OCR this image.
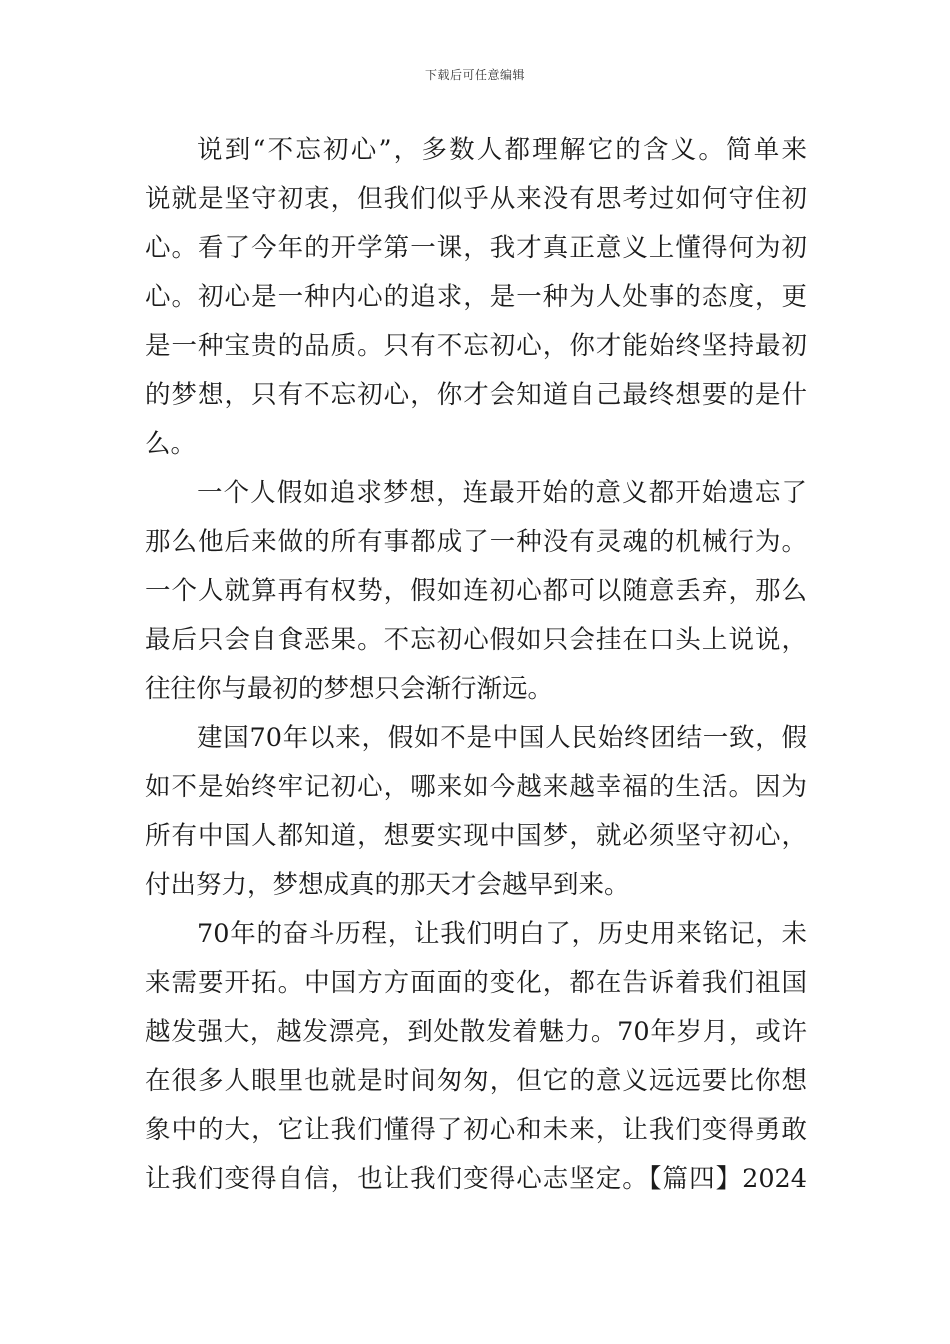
下载后可任意编辑
说到“不忘初心”，多数人都理解它的含义。简单来
说就是坚守初衷，但我们似乎从来没有思考过如何守住初
心。看了今年的开学第一课，我才真正意义上懂得何为初
心。初心是一种内心的追求，是一种为人处事的态度，更
是一种宝贵的品质。只有不忘初心，你才能始终坚持最初
的梦想，只有不忘初心，你才会知道自己最终想要的是什
么。
一个人假如追求梦想，连最开始的意义都开始遗忘了
那么他后来做的所有事都成了一种没有灵魂的机械行为。
一个人就算再有权势，假如连初心都可以随意丢弃，那么
最后只会自食恶果。不忘初心假如只会挂在口头上说说，
往往你与最初的梦想只会渐行渐远。
建国70年以来，假如不是中国人民始终团结一致，假
如不是始终牢记初心，哪来如今越来越幸福的生活。因为
所有中国人都知道，想要实现中国梦，就必须坚守初心，
付出努力，梦想成真的那天才会越早到来。
70年的奋斗历程，让我们明白了，历史用来铭记，未
来需要开拓。中国方方面面的变化，都在告诉着我们祖国
越发强大，越发漂亮，到处散发着魅力。70年岁月，或许
在很多人眼里也就是时间匆匆，但它的意义远远要比你想
象中的大，它让我们懂得了初心和未来，让我们变得勇敢
让我们变得自信，也让我们变得心志坚定。【篇四】2024
